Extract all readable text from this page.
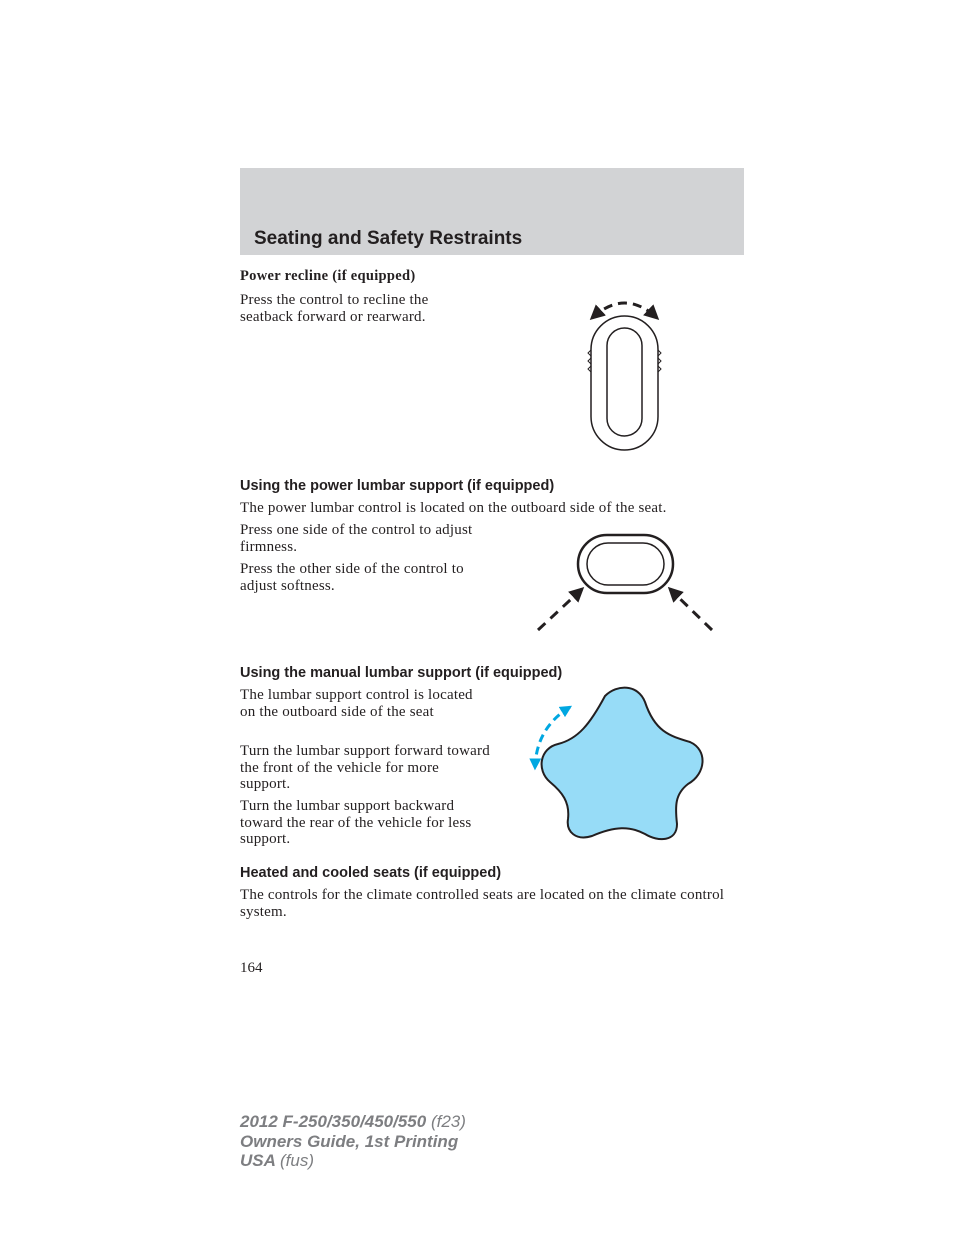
Seating and Safety Restraints
Power recline (if equipped)
Press the control to recline the seatback forward or rearward.
Using the power lumbar support (if equipped)
The power lumbar control is located on the outboard side of the seat.
Press one side of the control to adjust firmness.
Press the other side of the control to adjust softness.
Using the manual lumbar support (if equipped)
The lumbar support control is located on the outboard side of the seat
Turn the lumbar support forward toward the front of the vehicle for more support.
Turn the lumbar support backward toward the rear of the vehicle for less support.
Heated and cooled seats (if equipped)
The controls for the climate controlled seats are located on the climate control system.
164
2012 F-250/350/450/550 (f23)
Owners Guide, 1st Printing
USA (fus)
